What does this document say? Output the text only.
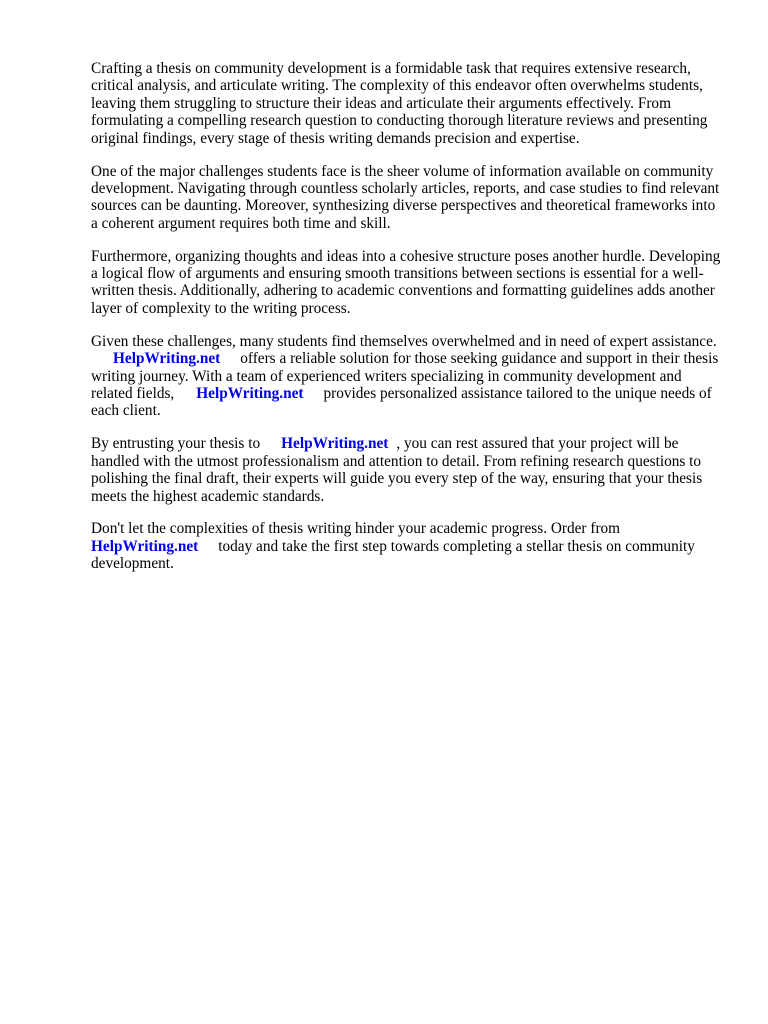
Crafting a thesis on community development is a formidable task that requires extensive research, critical analysis, and articulate writing. The complexity of this endeavor often overwhelms students, leaving them struggling to structure their ideas and articulate their arguments effectively. From formulating a compelling research question to conducting thorough literature reviews and presenting original findings, every stage of thesis writing demands precision and expertise.

One of the major challenges students face is the sheer volume of information available on community development. Navigating through countless scholarly articles, reports, and case studies to find relevant sources can be daunting. Moreover, synthesizing diverse perspectives and theoretical frameworks into a coherent argument requires both time and skill.

Furthermore, organizing thoughts and ideas into a cohesive structure poses another hurdle. Developing a logical flow of arguments and ensuring smooth transitions between sections is essential for a well-written thesis. Additionally, adhering to academic conventions and formatting guidelines adds another layer of complexity to the writing process.

Given these challenges, many students find themselves overwhelmed and in need of expert assistance.HelpWriting.net offers a reliable solution for those seeking guidance and support in their thesis writing journey. With a team of experienced writers specializing in community development and related fields, HelpWriting.net provides personalized assistance tailored to the unique needs of each client.

By entrusting your thesis to HelpWriting.net , you can rest assured that your project will be handled with the utmost professionalism and attention to detail. From refining research questions to polishing the final draft, their experts will guide you every step of the way, ensuring that your thesis meets the highest academic standards.

Don't let the complexities of thesis writing hinder your academic progress. Order from HelpWriting.net today and take the first step towards completing a stellar thesis on community development.
